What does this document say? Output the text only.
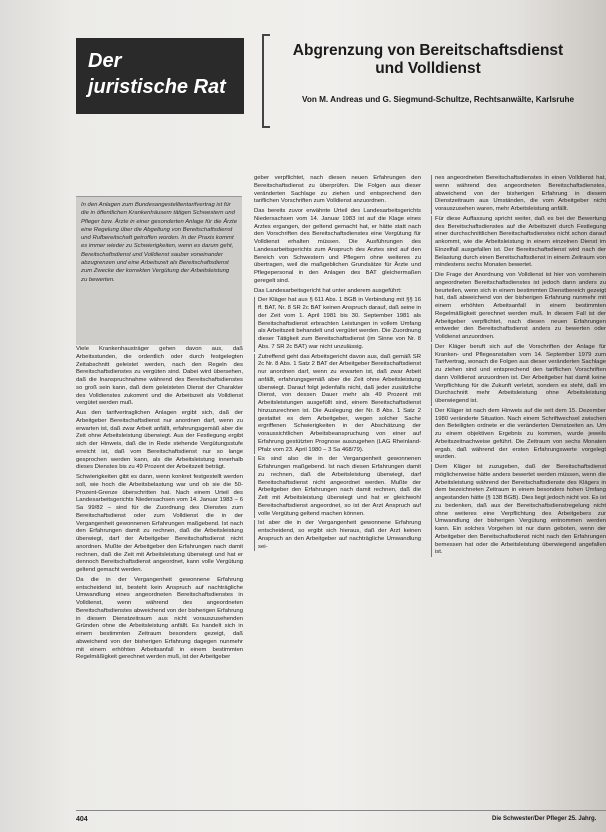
Der
juristische Rat
Abgrenzung von Bereitschaftsdienst
und Volldienst
Von M. Andreas und G. Siegmund-Schultze, Rechtsanwälte, Karlsruhe

In den Anlagen zum Bundesangestelltentarifvertrag ist für die in öffentlichen Krankenhäusern tätigen Schwestern und Pfleger bzw. Ärzte in einer gesonderten Anlage für die Ärzte eine Regelung über die Abgeltung von Bereitschaftsdienst und Rufbereitschaft getroffen worden. In der Praxis kommt es immer wieder zu Schwierigkeiten, wenn es darum geht, Bereitschaftsdienst und Volldienst sauber voneinander abzugrenzen und eine Arbeitszeit als Bereitschaftsdienst zum Zwecke der korrekten Vergütung der Arbeitsleistung zu bewerten.

Viele Krankenhausträger gehen davon aus, daß Arbeitsstunden, die ordentlich oder durch festgelegten Zeitabschnitt geleistet werden, nach den Regeln des Bereitschaftsdienstes zu vergüten sind. Dabei wird übersehen, daß die Inanspruchnahme während des Bereitschaftsdienstes so groß sein kann, daß dem geleisteten Dienst der Charakter des Volldienstes zukommt und die Arbeitszeit als Volldienst vergütet werden muß.

Aus den tarifvertraglichen Anlagen ergibt sich, daß der Arbeitgeber Bereitschaftsdienst nur anordnen darf, wenn zu erwarten ist, daß zwar Arbeit anfällt, erfahrungsgemäß aber die Zeit ohne Arbeitsleistung überwiegt. Aus der Festlegung ergibt sich der Hinweis, daß die in Rede stehende Vergütungsstufe erreicht ist, daß vom Bereitschaftsdienst nur so lange gesprochen werden kann, als die Arbeitsleistung innerhalb dieses Dienstes bis zu 49 Prozent der Arbeitszeit beträgt.

Schwierigkeiten gibt es dann, wenn konkret festgestellt werden soll, wie hoch die Arbeitsbelastung war und ob sie die 50-Prozent-Grenze überschritten hat. Nach einem Urteil des Landesarbeitsgerichts Niedersachsen vom 14. Januar 1983 – 6 Sa 99/82 – sind für die Zuordnung des Dienstes zum Bereitschaftsdienst oder zum Volldienst die in der Vergangenheit gewonnenen Erfahrungen maßgebend. Ist nach den Erfahrungen damit zu rechnen, daß die Arbeitsleistung überwiegt, darf der Arbeitgeber Bereitschaftsdienst nicht anordnen. Mußte der Arbeitgeber den Erfahrungen nach damit rechnen, daß die Zeit mit Arbeitsleistung überwiegt und hat er dennoch Bereitschaftsdienst angeordnet, kann volle Vergütung geltend gemacht werden.

Da die in der Vergangenheit gewonnene Erfahrung entscheidend ist, besteht kein Anspruch auf nachträgliche Umwandlung eines angeordneten Bereitschaftsdienstes in Volldienst, wenn während des angeordneten Bereitschaftsdienstes abweichend von der bisherigen Erfahrung in diesem Dienstzeitraum aus nicht vorauszusehenden Gründen ohne die Arbeitsleistung anfällt. Es handelt sich in einem bestimmten Zeitraum besonders gezeigt, daß abweichend von der bisherigen Erfahrung dagegen nunmehr mit einem erhöhten Arbeitsanfall in einem bestimmten Regelmäßigkeit gerechnet werden muß, ist der Arbeitgeber

geber verpflichtet, nach diesen neuen Erfahrungen den Bereitschaftsdienst zu überprüfen. Die Folgen aus dieser veränderten Sachlage zu ziehen und entsprechend den tariflichen Vorschriften zum Volldienst anzuordnen.

Das bereits zuvor erwähnte Urteil des Landesarbeitsgerichts Niedersachsen vom 14. Januar 1983 ist auf die Klage eines Arztes ergangen, der geltend gemacht hat, er hätte statt nach den Vorschriften des Bereitschaftsdienstes eine Vergütung für Volldienst erhalten müssen. Die Ausführungen des Landesarbeitsgerichts zum Anspruch des Arztes sind auf den Bereich von Schwestern und Pflegern ohne weiteres zu übertragen, weil die maßgeblichen Grundsätze für Ärzte und Pflegepersonal in den Anlagen des BAT gleichermaßen geregelt sind.

Das Landesarbeitsgericht hat unter anderem ausgeführt:

Der Kläger hat aus § 611 Abs. 1 BGB in Verbindung mit §§ 16 ff. BAT, Nr. 8 SR 2c BAT keinen Anspruch darauf, daß seine in der Zeit vom 1. April 1981 bis 30. September 1981 als Bereitschaftsdienst erbrachten Leistungen in vollem Umfang als Arbeitszeit behandelt und vergütet werden. Die Zuordnung dieser Tätigkeit zum Bereitschaftsdienst (im Sinne von Nr. 8 Abs. 7 SR 2c BAT) war nicht unzulässig.

Zutreffend geht das Arbeitsgericht davon aus, daß gemäß SR 2c Nr. 8 Abs. 1 Satz 2 BAT der Arbeitgeber Bereitschaftsdienst nur anordnen darf, wenn zu erwarten ist, daß zwar Arbeit anfällt, erfahrungsgemäß aber die Zeit ohne Arbeitsleistung überwiegt. Darauf folgt jedenfalls nicht, daß jeder zusätzliche Dienst, von dessen Dauer mehr als 49 Prozent mit Arbeitsleistungen ausgefüllt sind, einem Bereitschaftsdienst hinzuzurechnen ist. Die Auslegung der Nr. 8 Abs. 1 Satz 2 gestattet es dem Arbeitgeber, wegen solcher Sache ergriffenen Schwierigkeiten in der Abschätzung der voraussichtlichen Arbeitsbeanspruchung von einer auf Erfahrung gestützten Prognose auszugehen (LAG Rheinland-Pfalz vom 23. April 1980 – 3 Sa 468/79).

Es sind also die in der Vergangenheit gewonnenen Erfahrungen maßgebend. Ist nach diesen Erfahrungen damit zu rechnen, daß die Arbeitsleistung überwiegt, darf Bereitschaftsdienst nicht angeordnet werden. Mußte der Arbeitgeber den Erfahrungen nach damit rechnen, daß die Zeit mit Arbeitsleistung überwiegt und hat er gleichwohl Bereitschaftsdienst angeordnet, so ist der Arzt Anspruch auf volle Vergütung geltend machen können.

Ist aber die in der Vergangenheit gewonnene Erfahrung entscheidend, so ergibt sich hieraus, daß der Arzt keinen Anspruch an den Arbeitgeber auf nachträgliche Umwandlung sei-

nes angeordneten Bereitschaftsdienstes in einen Volldienst hat, wenn während des angeordneten Bereitschaftsdienstes, abweichend von der bisherigen Erfahrung in diesem Dienstzeitraum aus Umständen, die vom Arbeitgeber nicht vorauszusehen waren, mehr Arbeitsleistung anfällt.

Für diese Auffassung spricht weiter, daß es bei der Bewertung des Bereitschaftsdienstes auf die Arbeitszeit durch Festlegung einer durchschnittlichen Bereitschaftsdienstes nicht schon darauf ankommt, wie die Arbeitsleistung in einem einzelnen Dienst im Einzelfall ausgefallen ist. Der Bereitschaftsdienst wird nach der Belastung durch einen Bereitschaftsdienst in einem Zeitraum von mindestens sechs Monaten bewertet.

Die Frage der Anordnung von Volldienst ist hier von vornherein angeordneten Bereitschaftsdienstes ist jedoch dann anders zu beurteilen, wenn sich in einem bestimmten Dienstbereich gezeigt hat, daß abweichend von der bisherigen Erfahrung nunmehr mit einem erhöhten Arbeitsanfall in einem bestimmten Regelmäßigkeit gerechnet werden muß. In diesem Fall ist der Arbeitgeber verpflichtet, nach diesen neuen Erfahrungen entweder den Bereitschaftsdienst anders zu bewerten oder Volldienst anzuordnen.

Der Kläger beruft sich auf die Vorschriften der Anlage für Kranken- und Pflegeanstalten vom 14. September 1979 zum Tarifvertrag, wonach die Folgen aus dieser veränderten Sachlage zu ziehen sind und entsprechend den tariflichen Vorschriften dann Volldienst anzuordnen ist. Der Arbeitgeber hat damit keine Verpflichtung für die Zukunft verletzt, sondern es steht, daß im Durchschnitt mehr Arbeitsleistung ohne Arbeitsleistung überwiegend ist.

Der Kläger ist nach dem Hinweis auf die seit dem 15. Dezember 1980 veränderte Situation. Nach einem Schriftwechsel zwischen den Beteiligten ordnete er die veränderten Dienstzeiten an. Um zu einem objektiven Ergebnis zu kommen, wurde jeweils Arbeitszeitnachweise geführt. Die Zeitraum von sechs Monaten ergab, daß während der ersten Erfahrungswerte vorgelegt wurden.

Dem Kläger ist zuzugeben, daß der Bereitschaftsdienst möglicherweise hätte anders bewertet werden müssen, wenn die Arbeitsleistung während der Bereitschaftsdienste des Klägers in dem bezeichneten Zeitraum in einem besonders hohen Umfang angestanden hätte (§ 138 BGB). Dies liegt jedoch nicht vor. Es ist zu bedenken, daß aus der Bereitschaftsdienstregelung nicht ohne weiteres eine Verpflichtung des Arbeitgebers zur Umwandlung der bisherigen Vergütung entnommen werden kann. Ein solches Vorgehen ist nur dann geboten, wenn der Arbeitgeber den Bereitschaftsdienst nicht nach den Erfahrungen bemessen hat oder die Arbeitsleistung überwiegend angefallen ist.

404	Die Schwester/Der Pfleger 25. Jahrg.
